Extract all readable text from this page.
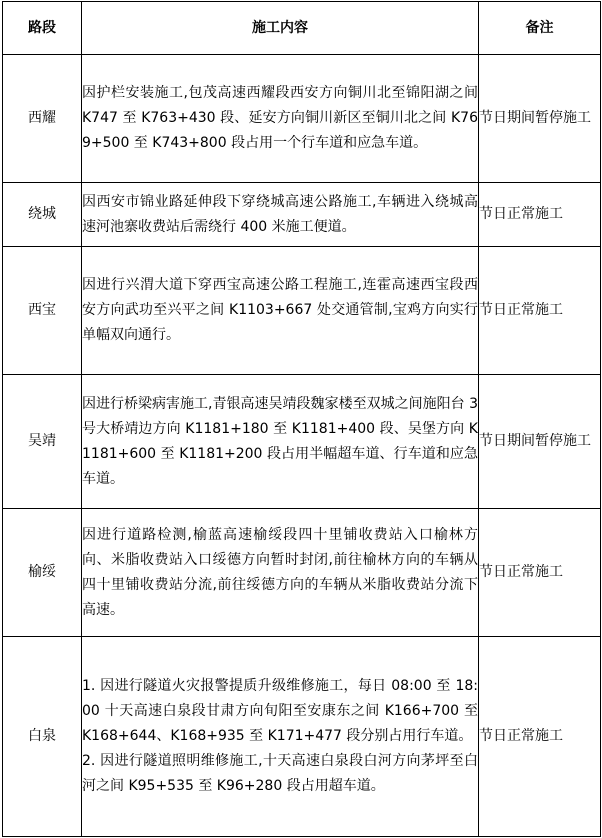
路段	施工内容	备注
西耀	因护栏安装施工,包茂高速西耀段西安方向铜川北至锦阳湖之间 K747 至 K763+430 段、延安方向铜川新区至铜川北之间 K769+500 至 K743+800 段占用一个行车道和应急车道。	节日期间暂停施工
绕城	因西安市锦业路延伸段下穿绕城高速公路施工,车辆进入绕城高速河池寨收费站后需绕行 400 米施工便道。	节日正常施工
西宝	因进行兴渭大道下穿西宝高速公路工程施工,连霍高速西宝段西安方向武功至兴平之间 K1103+667 处交通管制,宝鸡方向实行单幅双向通行。	节日正常施工
吴靖	因进行桥梁病害施工,青银高速吴靖段魏家楼至双城之间施阳台 3 号大桥靖边方向 K1181+180 至 K1181+400 段、吴堡方向 K1181+600 至 K1181+200 段占用半幅超车道、行车道和应急车道。	节日期间暂停施工
榆绥	因进行道路检测,榆蓝高速榆绥段四十里铺收费站入口榆林方向、米脂收费站入口绥德方向暂时封闭,前往榆林方向的车辆从四十里铺收费站分流,前往绥德方向的车辆从米脂收费站分流下高速。	节日正常施工
白泉	1. 因进行隧道火灾报警提质升级维修施工，每日 08:00 至 18:00 十天高速白泉段甘肃方向旬阳至安康东之间 K166+700 至 K168+644、K168+935 至 K171+477 段分别占用行车道。
2. 因进行隧道照明维修施工,十天高速白泉段白河方向茅坪至白河之间 K95+535 至 K96+280 段占用超车道。	节日正常施工
